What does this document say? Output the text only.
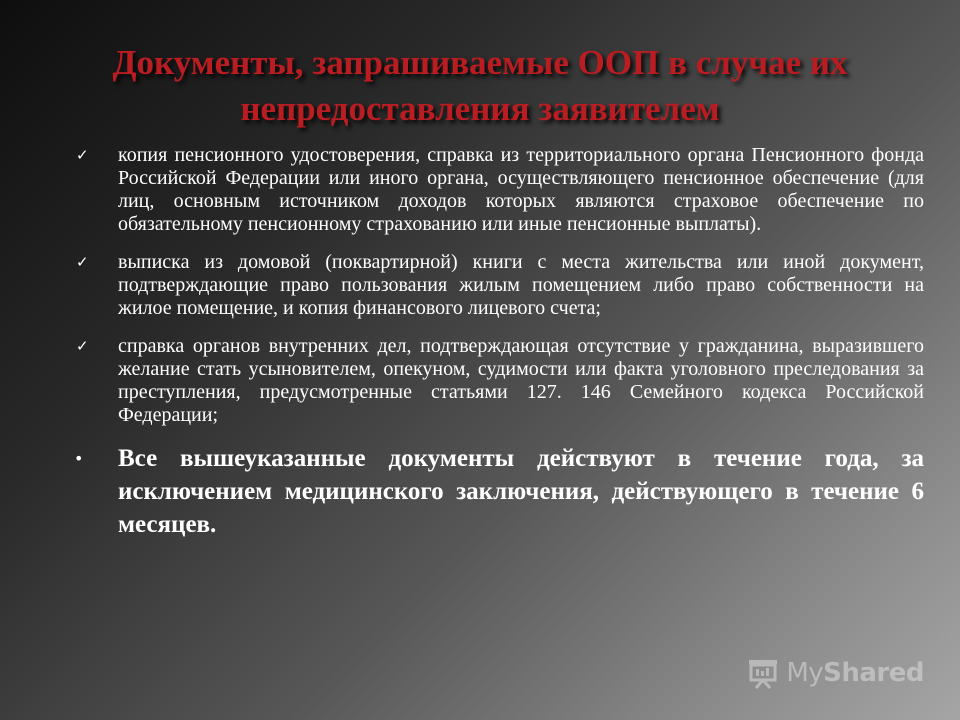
Документы, запрашиваемые ООП в случае их
непредоставления заявителем
✓	копия пенсионного удостоверения, справка из территориального органа Пенсионного фонда Российской Федерации или иного органа, осуществляющего пенсионное обеспечение (для лиц, основным источником доходов которых являются страховое обеспечение по обязательному пенсионному страхованию или иные пенсионные выплаты).

✓	выписка из домовой (поквартирной) книги с места жительства или иной документ, подтверждающие право пользования жилым помещением либо право собственности на жилое помещение, и копия финансового лицевого счета;

✓	справка органов внутренних дел, подтверждающая отсутствие у гражданина, выразившего желание стать усыновителем, опекуном, судимости или факта уголовного преследования за преступления, предусмотренные статьями 127. 146 Семейного кодекса Российской Федерации;

•	Все вышеуказанные документы действуют в течение года, за исключением медицинского заключения, действующего в течение 6 месяцев.

MyShared
